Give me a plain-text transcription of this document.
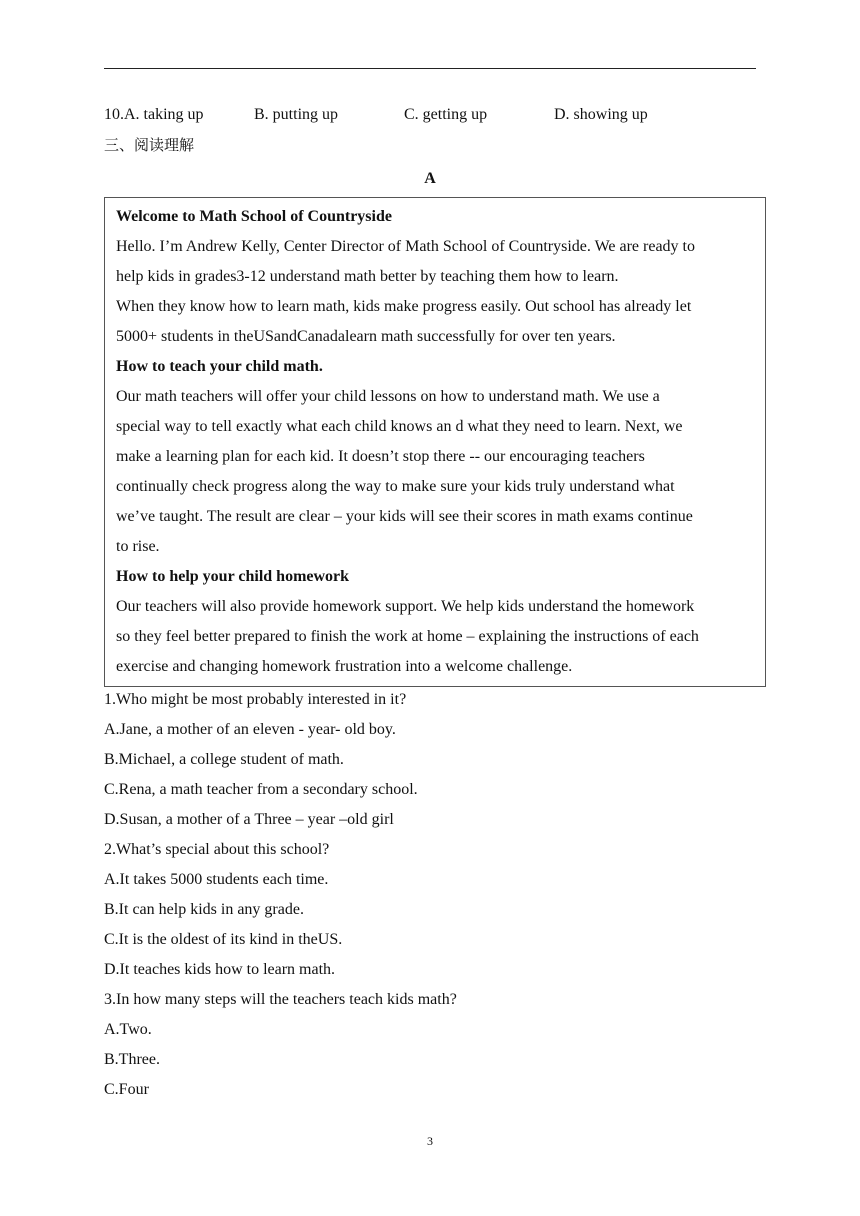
10.A. taking up	B. putting up	C. getting up	D. showing up
三、阅读理解
A
Welcome to Math School of Countryside
Hello. I’m Andrew Kelly, Center Director of Math School of Countryside. We are ready to
help kids in grades3-12 understand math better by teaching them how to learn.
When they know how to learn math, kids make progress easily. Out school has already let
5000+ students in theUSandCanadalearn math successfully for over ten years.
How to teach your child math.
Our math teachers will offer your child lessons on how to understand math. We use a
special way to tell exactly what each child knows an d what they need to learn. Next, we
make a learning plan for each kid. It doesn’t stop there -- our encouraging teachers
continually check progress along the way to make sure your kids truly understand what
we’ve taught. The result are clear – your kids will see their scores in math exams continue
to rise.
How to help your child homework
Our teachers will also provide homework support. We help kids understand the homework
so they feel better prepared to finish the work at home – explaining the instructions of each
exercise and changing homework frustration into a welcome challenge.
1.Who might be most probably interested in it?
A.Jane, a mother of an eleven - year- old boy.
B.Michael, a college student of math.
C.Rena, a math teacher from a secondary school.
D.Susan, a mother of a Three – year –old girl
2.What’s special about this school?
A.It takes 5000 students each time.
B.It can help kids in any grade.
C.It is the oldest of its kind in theUS.
D.It teaches kids how to learn math.
3.In how many steps will the teachers teach kids math?
A.Two.
B.Three.
C.Four
3
